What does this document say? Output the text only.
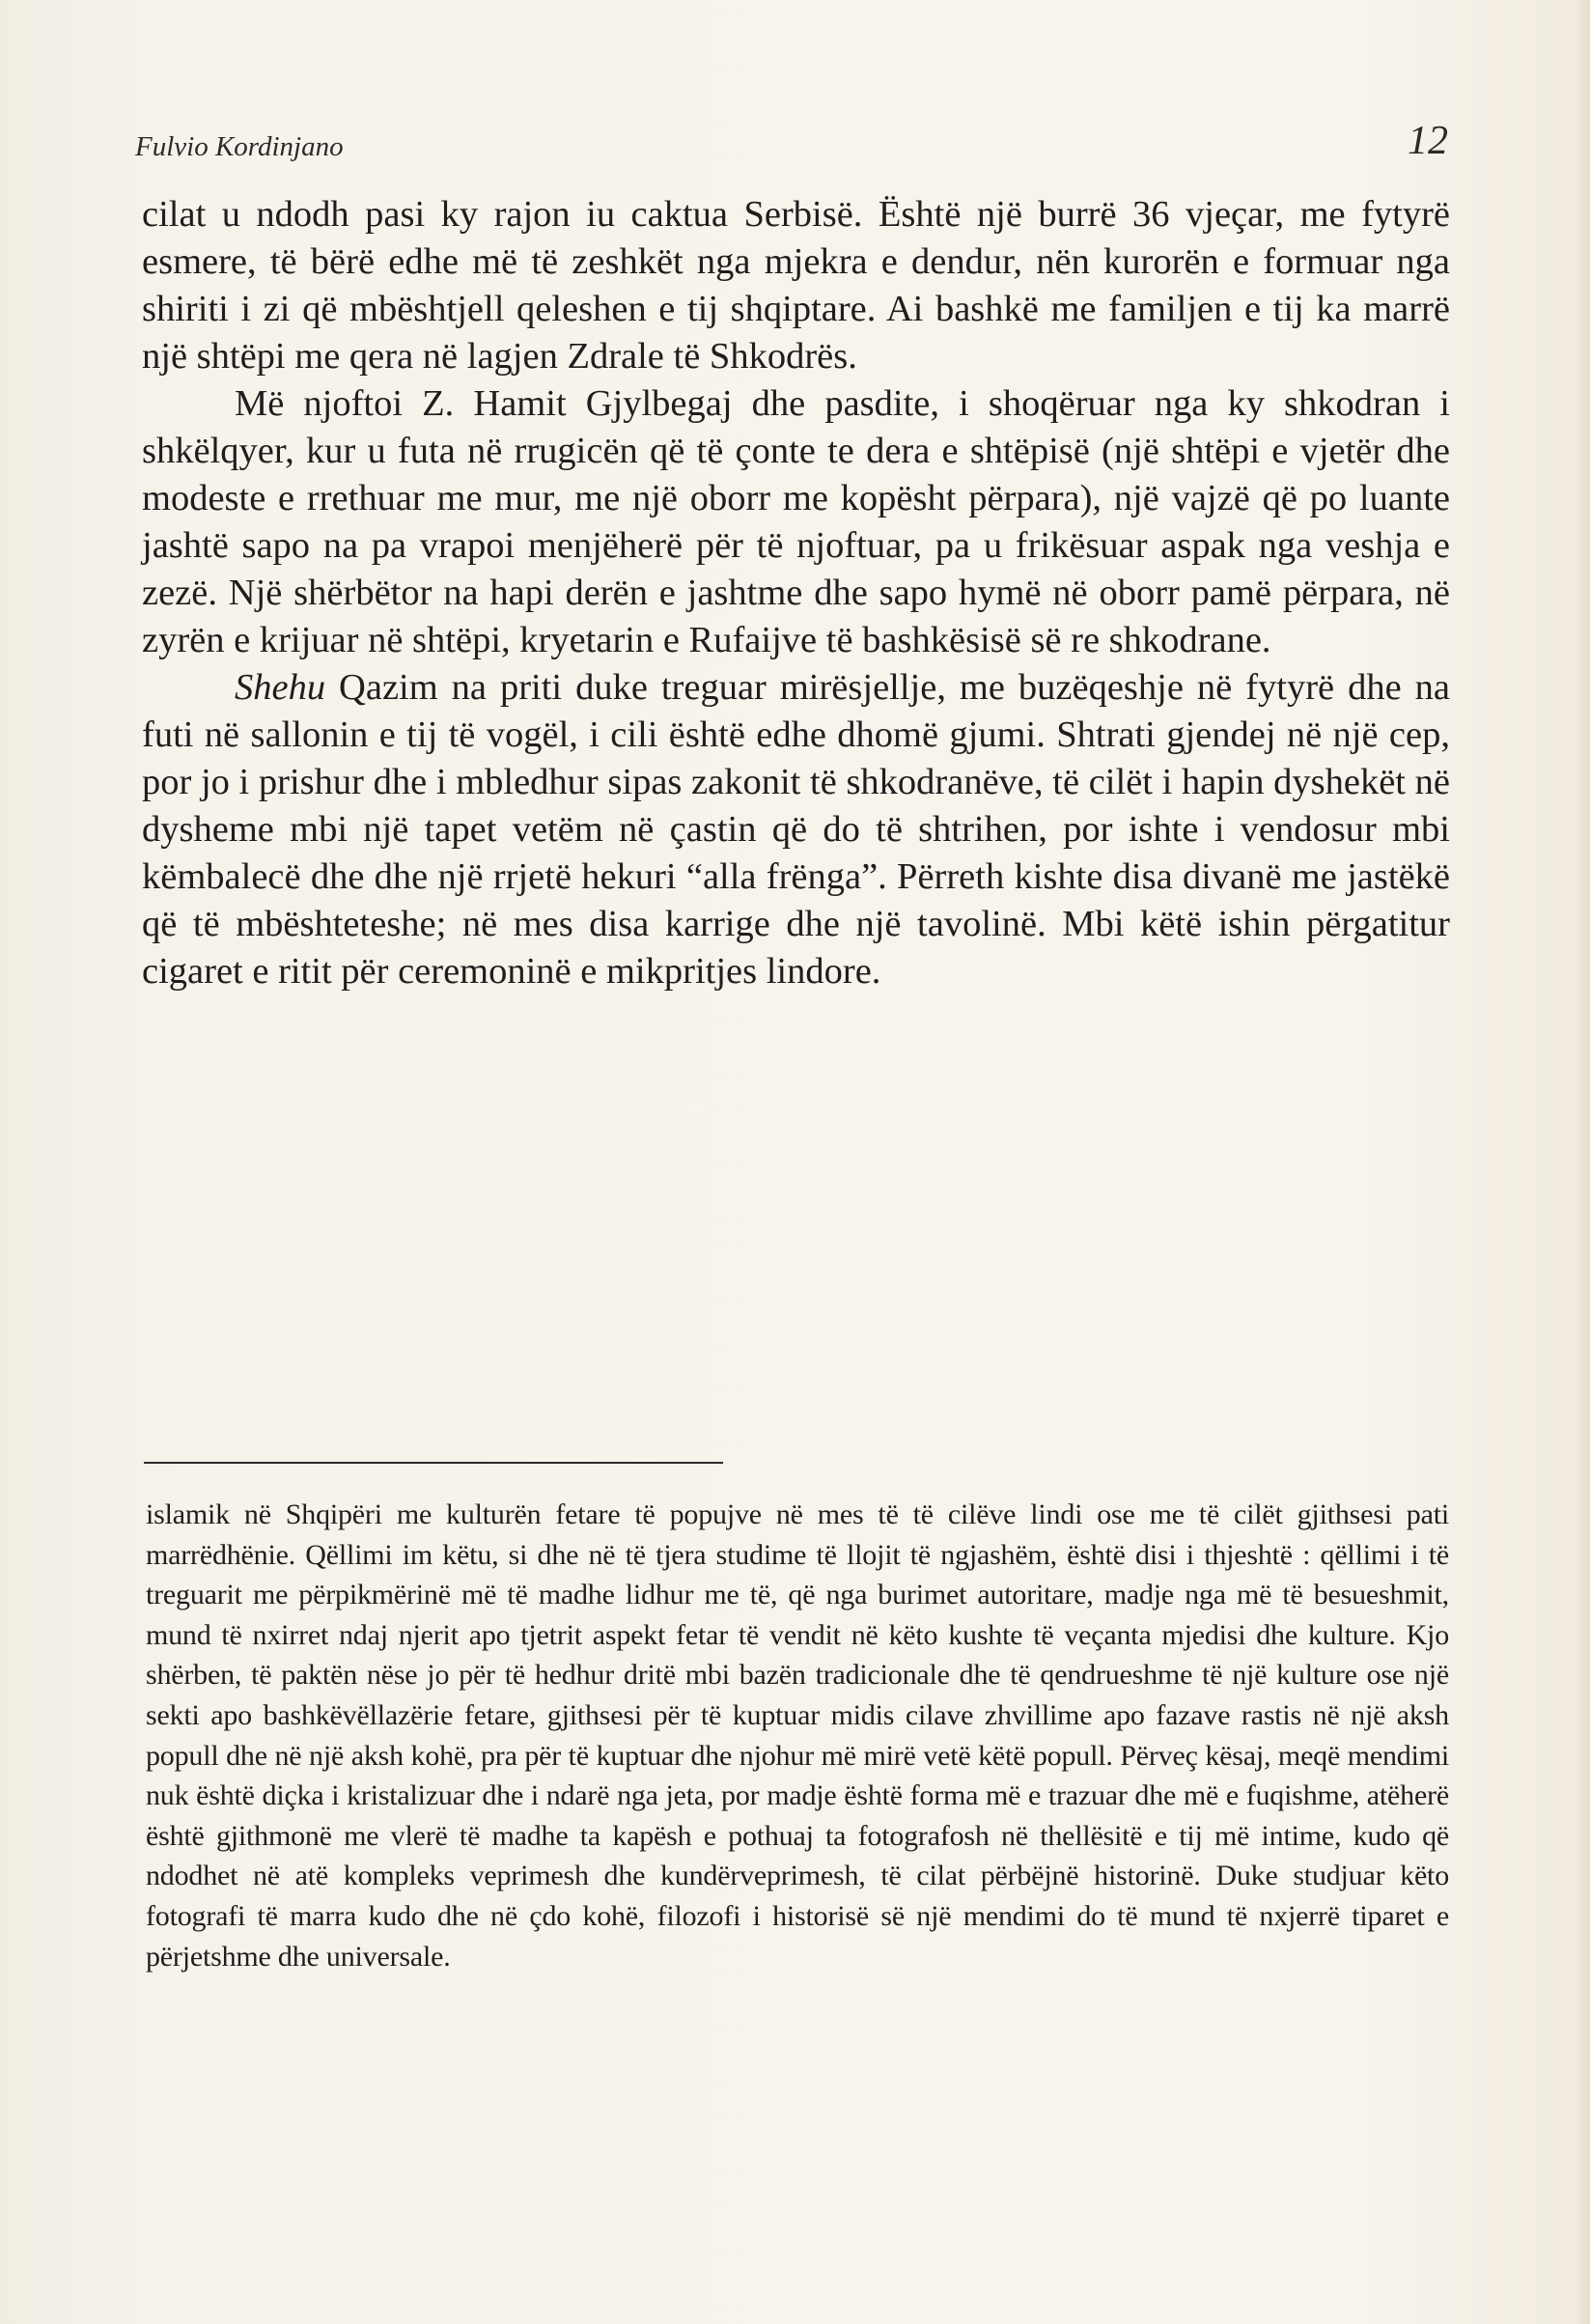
Fulvio Kordinjano	12

cilat u ndodh pasi ky rajon iu caktua Serbisë. Është një burrë 36 vjeçar, me fytyrë esmere, të bërë edhe më të zeshkët nga mjekra e dendur, nën kurorën e formuar nga shiriti i zi që mbështjell qeleshen e tij shqiptare. Ai bashkë me familjen e tij ka marrë një shtëpi me qera në lagjen Zdrale të Shkodrës.

Më njoftoi Z. Hamit Gjylbegaj dhe pasdite, i shoqëruar nga ky shkodran i shkëlqyer, kur u futa në rrugicën që të çonte te dera e shtëpisë (një shtëpi e vjetër dhe modeste e rrethuar me mur, me një oborr me kopësht përpara), një vajzë që po luante jashtë sapo na pa vrapoi menjëherë për të njoftuar, pa u frikësuar aspak nga veshja e zezë. Një shërbëtor na hapi derën e jashtme dhe sapo hymë në oborr pamë përpara, në zyrën e krijuar në shtëpi, kryetarin e Rufaijve të bashkësisë së re shkodrane.

Shehu Qazim na priti duke treguar mirësjellje, me buzëqeshje në fytyrë dhe na futi në sallonin e tij të vogël, i cili është edhe dhomë gjumi. Shtrati gjendej në një cep, por jo i prishur dhe i mbledhur sipas zakonit të shkodranëve, të cilët i hapin dyshekët në dysheme mbi një tapet vetëm në çastin që do të shtrihen, por ishte i vendosur mbi këmbalecë dhe dhe një rrjetë hekuri “alla frënga”. Përreth kishte disa divanë me jastëkë që të mbështeteshe; në mes disa karrige dhe një tavolinë. Mbi këtë ishin përgatitur cigaret e ritit për ceremoninë e mikpritjes lindore.

islamik në Shqipëri me kulturën fetare të popujve në mes të të cilëve lindi ose me të cilët gjithsesi pati marrëdhënie. Qëllimi im këtu, si dhe në të tjera studime të llojit të ngjashëm, është disi i thjeshtë : qëllimi i të treguarit me përpikmërinë më të madhe lidhur me të, që nga burimet autoritare, madje nga më të besueshmit, mund të nxirret ndaj njerit apo tjetrit aspekt fetar të vendit në këto kushte të veçanta mjedisi dhe kulture. Kjo shërben, të paktën nëse jo për të hedhur dritë mbi bazën tradicionale dhe të qendrueshme të një kulture ose një sekti apo bashkëvëllazërie fetare, gjithsesi për të kuptuar midis cilave zhvillime apo fazave rastis në një aksh popull dhe në një aksh kohë, pra për të kuptuar dhe njohur më mirë vetë këtë popull. Përveç kësaj, meqë mendimi nuk është diçka i kristalizuar dhe i ndarë nga jeta, por madje është forma më e trazuar dhe më e fuqishme, atëherë është gjithmonë me vlerë të madhe ta kapësh e pothuaj ta fotografosh në thellësitë e tij më intime, kudo që ndodhet në atë kompleks veprimesh dhe kundërveprimesh, të cilat përbëjnë historinë. Duke studjuar këto fotografi të marra kudo dhe në çdo kohë, filozofi i historisë së një mendimi do të mund të nxjerrë tiparet e përjetshme dhe universale.
